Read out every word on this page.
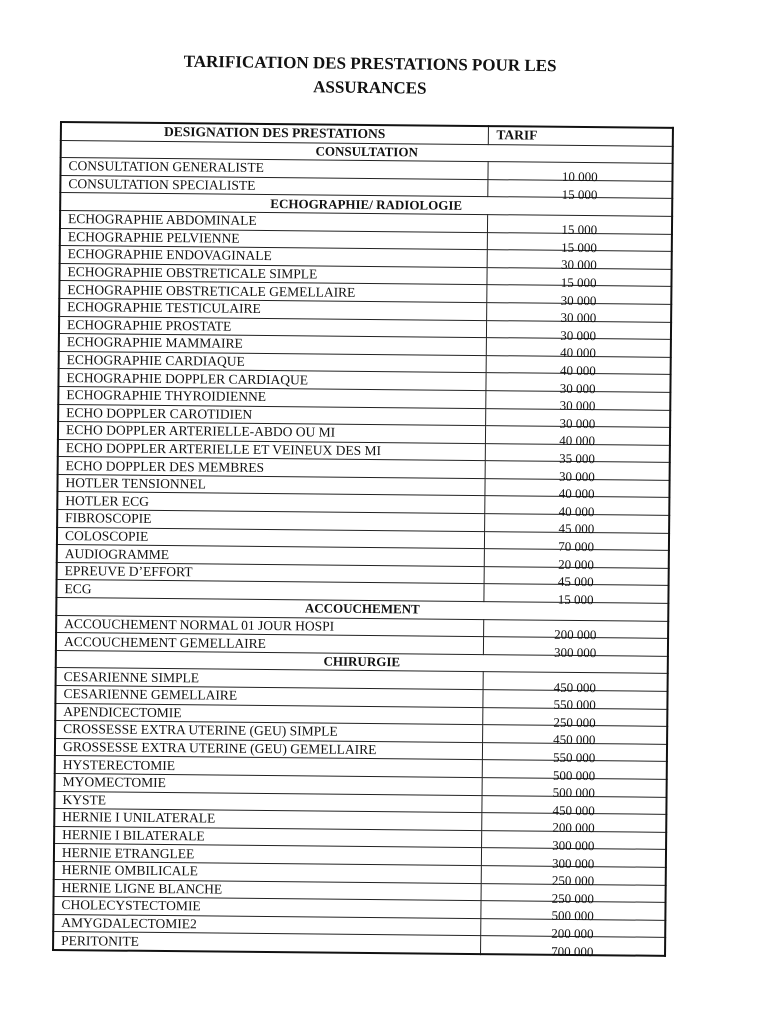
TARIFICATION DES PRESTATIONS POUR LES
ASSURANCES
DESIGNATION DES PRESTATIONS	TARIF
CONSULTATION	
CONSULTATION GENERALISTE	10 000
CONSULTATION SPECIALISTE	15 000
ECHOGRAPHIE/ RADIOLOGIE	
ECHOGRAPHIE ABDOMINALE	15 000
ECHOGRAPHIE PELVIENNE	15 000
ECHOGRAPHIE ENDOVAGINALE	30 000
ECHOGRAPHIE OBSTRETICALE SIMPLE	15 000
ECHOGRAPHIE OBSTRETICALE GEMELLAIRE	30 000
ECHOGRAPHIE TESTICULAIRE	30 000
ECHOGRAPHIE PROSTATE	30 000
ECHOGRAPHIE MAMMAIRE	40 000
ECHOGRAPHIE CARDIAQUE	40 000
ECHOGRAPHIE DOPPLER CARDIAQUE	30 000
ECHOGRAPHIE THYROIDIENNE	30 000
ECHO DOPPLER CAROTIDIEN	30 000
ECHO DOPPLER ARTERIELLE-ABDO OU MI	40 000
ECHO DOPPLER ARTERIELLE ET VEINEUX DES MI	35 000
ECHO DOPPLER DES MEMBRES	30 000
HOTLER TENSIONNEL	40 000
HOTLER ECG	40 000
FIBROSCOPIE	45 000
COLOSCOPIE	70 000
AUDIOGRAMME	20 000
EPREUVE D’EFFORT	45 000
ECG	15 000
ACCOUCHEMENT	
ACCOUCHEMENT NORMAL 01 JOUR HOSPI	200 000
ACCOUCHEMENT GEMELLAIRE	300 000
CHIRURGIE	
CESARIENNE SIMPLE	450 000
CESARIENNE GEMELLAIRE	550 000
APENDICECTOMIE	250 000
CROSSESSE EXTRA UTERINE (GEU) SIMPLE	450 000
GROSSESSE EXTRA UTERINE (GEU) GEMELLAIRE	550 000
HYSTERECTOMIE	500 000
MYOMECTOMIE	500 000
KYSTE	450 000
HERNIE I UNILATERALE	200 000
HERNIE I BILATERALE	300 000
HERNIE ETRANGLEE	300 000
HERNIE OMBILICALE	250 000
HERNIE LIGNE BLANCHE	250 000
CHOLECYSTECTOMIE	500 000
AMYGDALECTOMIE2	200 000
PERITONITE	700 000
